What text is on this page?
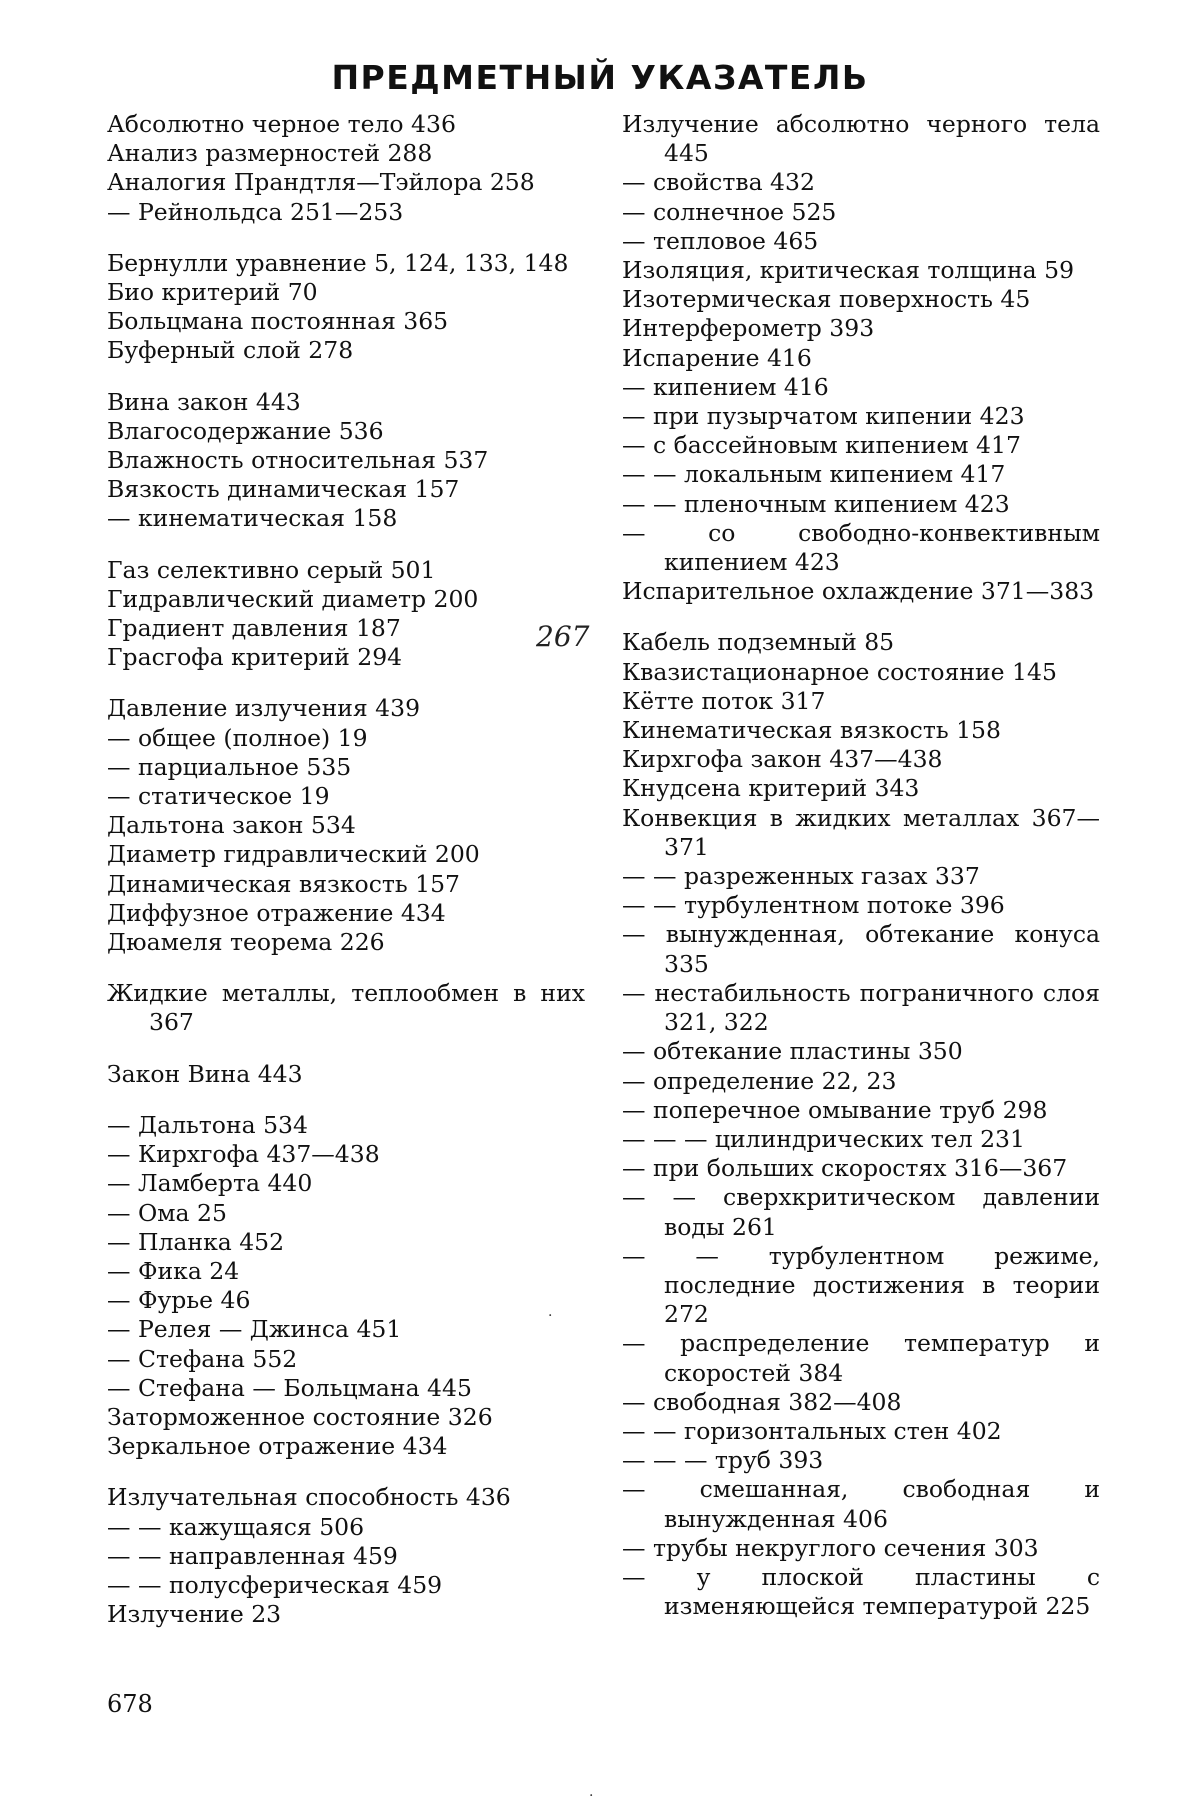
ПРЕДМЕТНЫЙ УКАЗАТЕЛЬ

Абсолютно черное тело 436

Анализ размерностей 288

Аналогия Прандтля—Тэйлора 258

— Рейнольдса 251—253

Бернулли уравнение 5, 124, 133, 148

Био критерий 70

Больцмана постоянная 365

Буферный слой 278

Вина закон 443

Влагосодержание 536

Влажность относительная 537

Вязкость динамическая 157

— кинематическая 158

Газ селективно серый 501

Гидравлический диаметр 200

Градиент давления 187

Грасгофа критерий 294

Давление излучения 439

— общее (полное) 19

— парциальное 535

— статическое 19

Дальтона закон 534

Диаметр гидравлический 200

Динамическая вязкость 157

Диффузное отражение 434

Дюамеля теорема 226

Жидкие металлы, теплообмен в них 367

Закон Вина 443

— Дальтона 534

— Кирхгофа 437—438

— Ламберта 440

— Ома 25

— Планка 452

— Фика 24

— Фурье 46

— Релея — Джинса 451

— Стефана 552

— Стефана — Больцмана 445

Заторможенное состояние 326

Зеркальное отражение 434

Излучательная способность 436

— — кажущаяся 506

— — направленная 459

— — полусферическая 459

Излучение 23

Излучение абсолютно черного тела 445

— свойства 432

— солнечное 525

— тепловое 465

Изоляция, критическая толщина 59

Изотермическая поверхность 45

Интерферометр 393

Испарение 416

— кипением 416

— при пузырчатом кипении 423

— с бассейновым кипением 417

— — локальным кипением 417

— — пленочным кипением 423

— со свободно-конвективным кипением 423

Испарительное охлаждение 371—383

Кабель подземный 85

Квазистационарное состояние 145

Кётте поток 317

Кинематическая вязкость 158

Кирхгофа закон 437—438

Кнудсена критерий 343

Конвекция в жидких металлах 367—371

— — разреженных газах 337

— — турбулентном потоке 396

— вынужденная, обтекание конуса 335

— нестабильность пограничного слоя 321, 322

— обтекание пластины 350

— определение 22, 23

— поперечное омывание труб 298

— — — цилиндрических тел 231

— при больших скоростях 316—367

— — сверхкритическом давлении воды 261

— — турбулентном режиме, последние достижения в теории 272

— распределение температур и скоростей 384

— свободная 382—408

— — горизонтальных стен 402

— — — труб 393

— смешанная, свободная и вынужденная 406

— трубы некруглого сечения 303

— у плоской пластины с изменяющейся температурой 225

267
·
·
678
